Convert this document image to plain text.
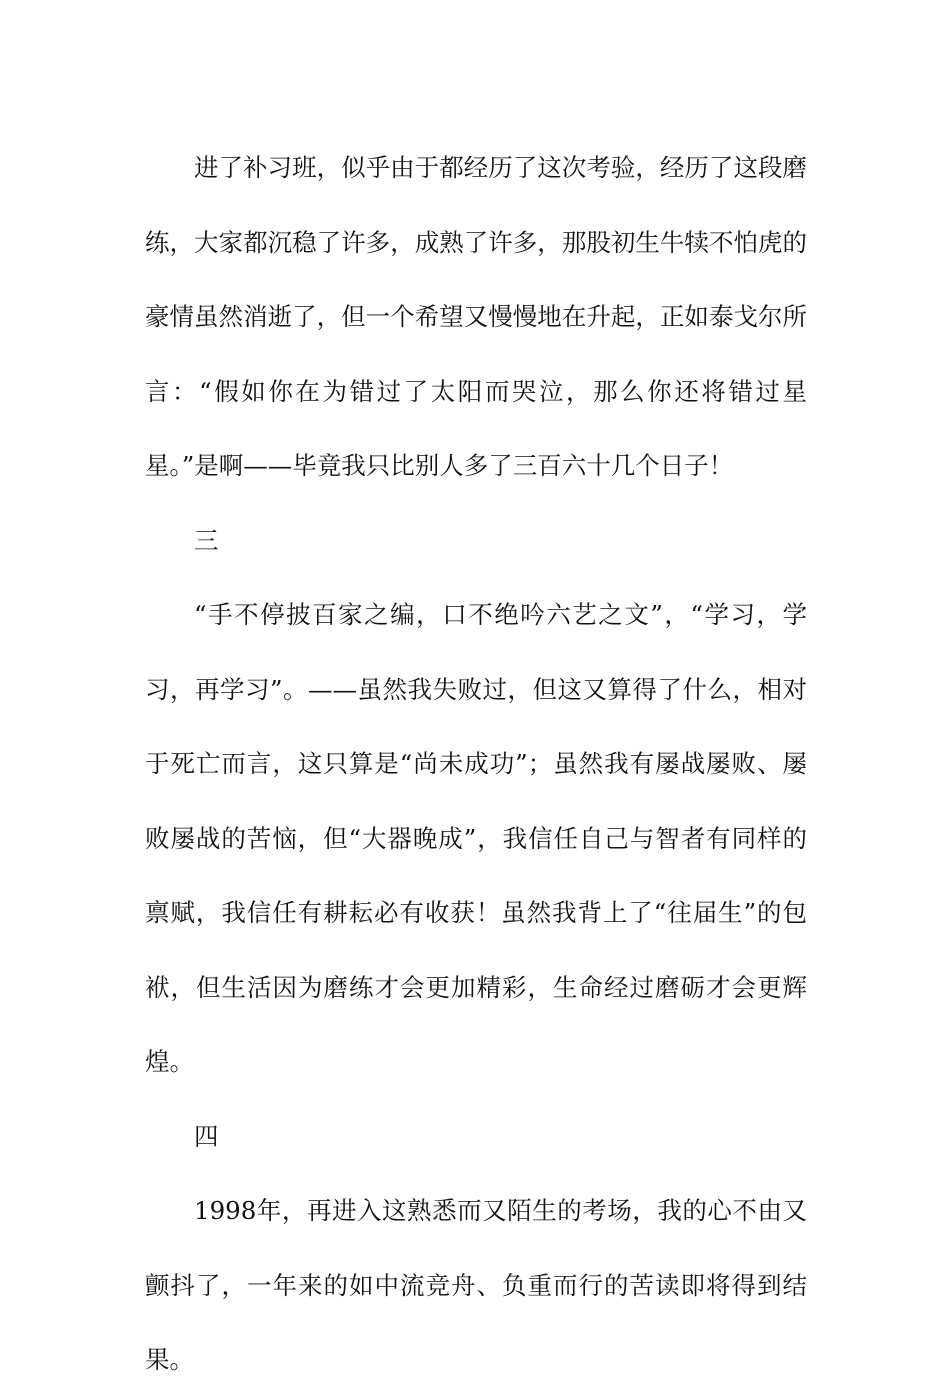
进了补习班，似乎由于都经历了这次考验，经历了这段磨练，大家都沉稳了许多，成熟了许多，那股初生牛犊不怕虎的豪情虽然消逝了，但一个希望又慢慢地在升起，正如泰戈尔所言：“假如你在为错过了太阳而哭泣，那么你还将错过星星。”是啊——毕竟我只比别人多了三百六十几个日子！

三

“手不停披百家之编，口不绝吟六艺之文”，“学习，学习，再学习”。——虽然我失败过，但这又算得了什么，相对于死亡而言，这只算是“尚未成功”；虽然我有屡战屡败、屡败屡战的苦恼，但“大器晚成”，我信任自己与智者有同样的禀赋，我信任有耕耘必有收获！虽然我背上了“往届生”的包袱，但生活因为磨练才会更加精彩，生命经过磨砺才会更辉煌。

四

1998年，再进入这熟悉而又陌生的考场，我的心不由又颤抖了，一年来的如中流竞舟、负重而行的苦读即将得到结果。
